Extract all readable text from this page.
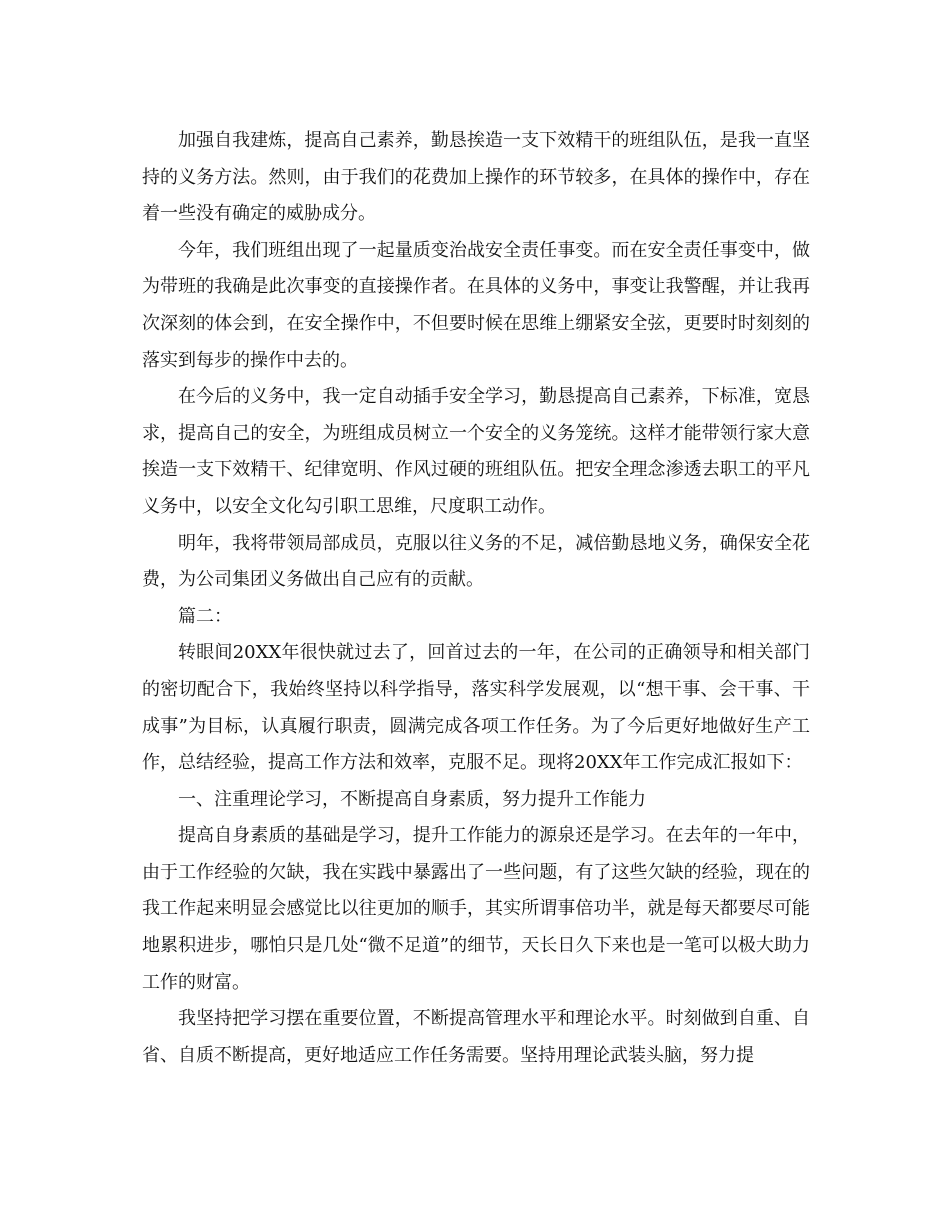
加强自我建炼，提高自己素养，勤恳挨造一支下效精干的班组队伍，是我一直坚持的义务方法。然则，由于我们的花费加上操作的环节较多，在具体的操作中，存在着一些没有确定的威胁成分。

今年，我们班组出现了一起量质变治战安全责任事变。而在安全责任事变中，做为带班的我确是此次事变的直接操作者。在具体的义务中，事变让我警醒，并让我再次深刻的体会到，在安全操作中，不但要时候在思维上绷紧安全弦，更要时时刻刻的落实到每步的操作中去的。

在今后的义务中，我一定自动插手安全学习，勤恳提高自己素养，下标准，宽恳求，提高自己的安全，为班组成员树立一个安全的义务笼统。这样才能带领行家大意挨造一支下效精干、纪律宽明、作风过硬的班组队伍。把安全理念渗透去职工的平凡义务中，以安全文化勾引职工思维，尺度职工动作。

明年，我将带领局部成员，克服以往义务的不足，减倍勤恳地义务，确保安全花费，为公司集团义务做出自己应有的贡献。

篇二：

转眼间20XX年很快就过去了，回首过去的一年，在公司的正确领导和相关部门的密切配合下，我始终坚持以科学指导，落实科学发展观，以“想干事、会干事、干成事”为目标，认真履行职责，圆满完成各项工作任务。为了今后更好地做好生产工作，总结经验，提高工作方法和效率，克服不足。现将20XX年工作完成汇报如下：

一、注重理论学习，不断提高自身素质，努力提升工作能力

提高自身素质的基础是学习，提升工作能力的源泉还是学习。在去年的一年中，由于工作经验的欠缺，我在实践中暴露出了一些问题，有了这些欠缺的经验，现在的我工作起来明显会感觉比以往更加的顺手，其实所谓事倍功半，就是每天都要尽可能地累积进步，哪怕只是几处“微不足道”的细节，天长日久下来也是一笔可以极大助力工作的财富。

我坚持把学习摆在重要位置，不断提高管理水平和理论水平。时刻做到自重、自省、自质不断提高，更好地适应工作任务需要。坚持用理论武装头脑，努力提
